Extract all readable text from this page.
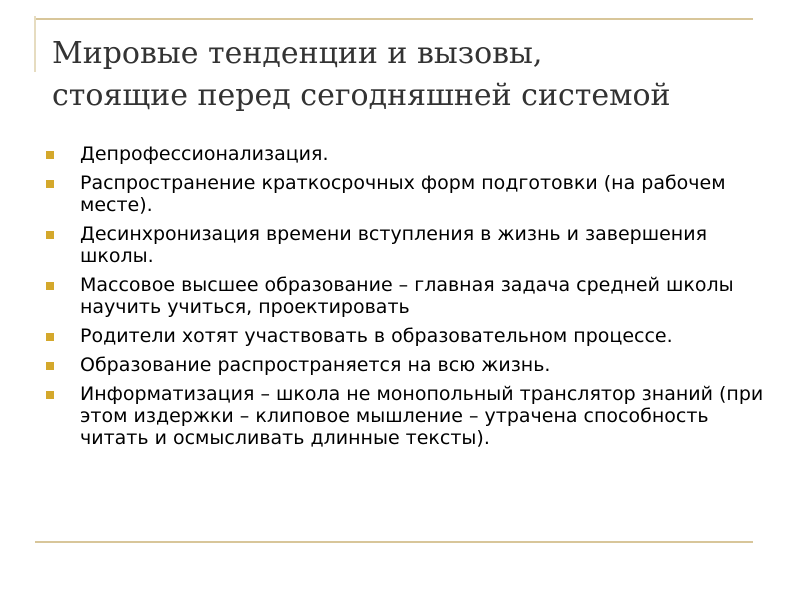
Мировые тенденции и вызовы,
стоящие перед сегодняшней системой
Депрофессионализация.
Распространение краткосрочных форм подготовки (на рабочем месте).
Десинхронизация времени вступления в жизнь и завершения школы.
Массовое высшее образование – главная задача средней школы научить учиться, проектировать
Родители хотят участвовать в образовательном процессе.
Образование распространяется на всю жизнь.
Информатизация – школа не монопольный транслятор знаний (при этом издержки – клиповое мышление – утрачена способность читать и осмысливать длинные тексты).
